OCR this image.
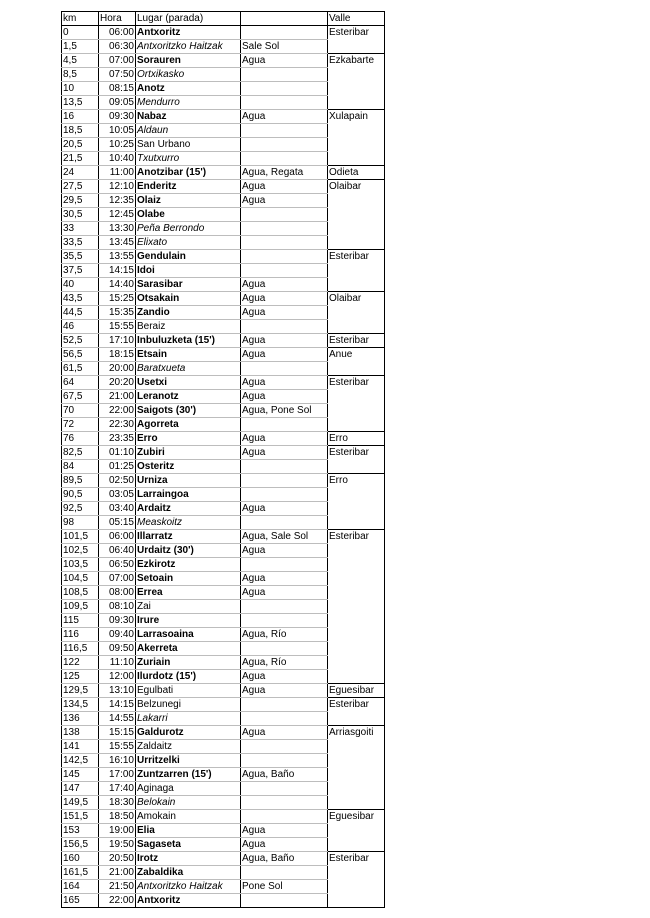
km	Hora	Lugar (parada)		Valle
0	06:00	Antxoritz		Esteribar
1,5	06:30	Antxoritzko Haitzak	Sale Sol	
4,5	07:00	Sorauren	Agua	Ezkabarte
8,5	07:50	Ortxikasko		
10	08:15	Anotz		
13,5	09:05	Mendurro		
16	09:30	Nabaz	Agua	Xulapain
18,5	10:05	Aldaun		
20,5	10:25	San Urbano		
21,5	10:40	Txutxurro		
24	11:00	Anotzibar (15')	Agua, Regata	Odieta
27,5	12:10	Enderitz	Agua	Olaibar
29,5	12:35	Olaiz	Agua	
30,5	12:45	Olabe		
33	13:30	Peña Berrondo		
33,5	13:45	Elixato		
35,5	13:55	Gendulain		Esteribar
37,5	14:15	Idoi		
40	14:40	Sarasibar	Agua	
43,5	15:25	Otsakain	Agua	Olaibar
44,5	15:35	Zandio	Agua	
46	15:55	Beraiz		
52,5	17:10	Inbuluzketa (15')	Agua	Esteribar
56,5	18:15	Etsain	Agua	Anue
61,5	20:00	Baratxueta		
64	20:20	Usetxi	Agua	Esteribar
67,5	21:00	Leranotz	Agua	
70	22:00	Saigots (30')	Agua, Pone Sol	
72	22:30	Agorreta		
76	23:35	Erro	Agua	Erro
82,5	01:10	Zubiri	Agua	Esteribar
84	01:25	Osteritz		
89,5	02:50	Urniza		Erro
90,5	03:05	Larraingoa		
92,5	03:40	Ardaitz	Agua	
98	05:15	Measkoitz		
101,5	06:00	Illarratz	Agua, Sale Sol	Esteribar
102,5	06:40	Urdaitz (30')	Agua	
103,5	06:50	Ezkirotz		
104,5	07:00	Setoain	Agua	
108,5	08:00	Errea	Agua	
109,5	08:10	Zai		
115	09:30	Irure		
116	09:40	Larrasoaina	Agua, Río	
116,5	09:50	Akerreta		
122	11:10	Zuriain	Agua, Río	
125	12:00	Ilurdotz (15')	Agua	
129,5	13:10	Egulbati	Agua	Eguesibar
134,5	14:15	Belzunegi		Esteribar
136	14:55	Lakarri		
138	15:15	Galdurotz	Agua	Arriasgoiti
141	15:55	Zaldaitz		
142,5	16:10	Urritzelki		
145	17:00	Zuntzarren (15')	Agua, Baño	
147	17:40	Aginaga		
149,5	18:30	Belokain		
151,5	18:50	Amokain		Eguesibar
153	19:00	Elia	Agua	
156,5	19:50	Sagaseta	Agua	
160	20:50	Irotz	Agua, Baño	Esteribar
161,5	21:00	Zabaldika		
164	21:50	Antxoritzko Haitzak	Pone Sol	
165	22:00	Antxoritz		
